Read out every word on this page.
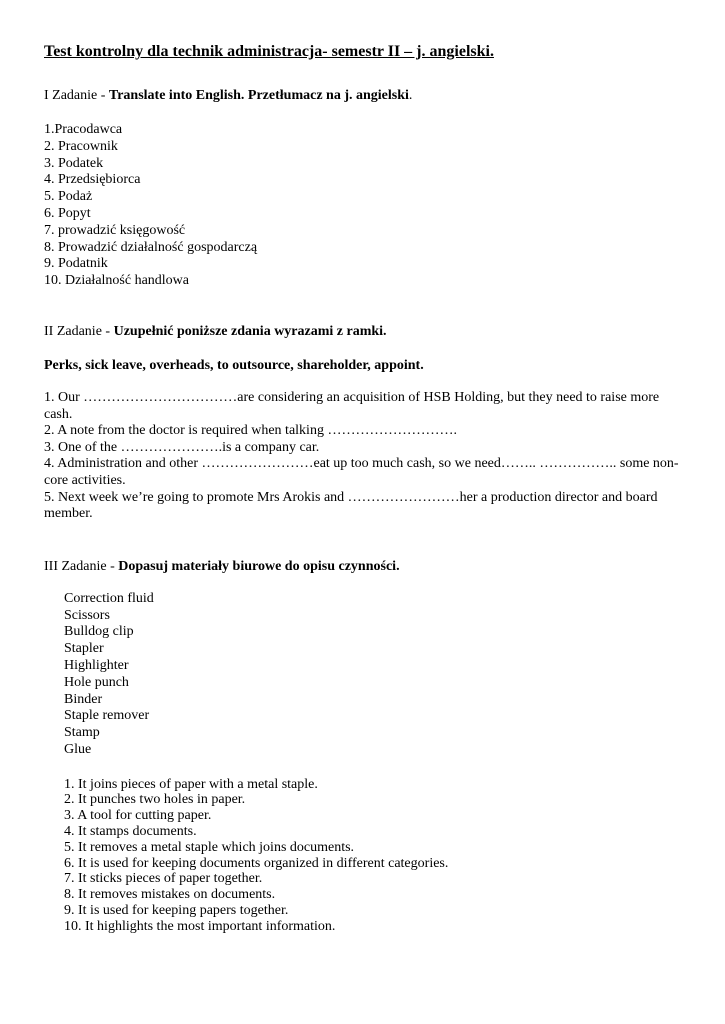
Test kontrolny dla technik administracja- semestr II – j. angielski.

I Zadanie - Translate into English. Przetłumacz na j. angielski.

1.Pracodawca
2. Pracownik
3. Podatek
4. Przedsiębiorca
5. Podaż
6. Popyt
7. prowadzić księgowość
8. Prowadzić działalność gospodarczą
9. Podatnik
10. Działalność handlowa

II Zadanie - Uzupełnić poniższe zdania wyrazami z ramki.

Perks, sick leave, overheads, to outsource, shareholder, appoint.

1. Our ……………………………are considering an acquisition of HSB Holding, but they need to raise more cash.
2. A note from the doctor is required when talking ……………………….
3. One of the ………………….is a company car.
4. Administration and other ……………………eat up too much cash, so we need…….. …………….. some non-core activities.
5. Next week we’re going to promote Mrs Arokis and ……………………her a production director and board member.

III Zadanie - Dopasuj materiały biurowe do opisu czynności.

Correction fluid
Scissors
Bulldog clip
Stapler
Highlighter
Hole punch
Binder
Staple remover
Stamp
Glue
1. It joins pieces of paper with a metal staple.
2. It punches two holes in paper.
3. A tool for cutting paper.
4. It stamps documents.
5. It removes a metal staple which joins documents.
6. It is used for keeping documents organized in different categories.
7. It sticks pieces of paper together.
8. It removes mistakes on documents.
9. It is used for keeping papers together.
10. It highlights the most important information.
